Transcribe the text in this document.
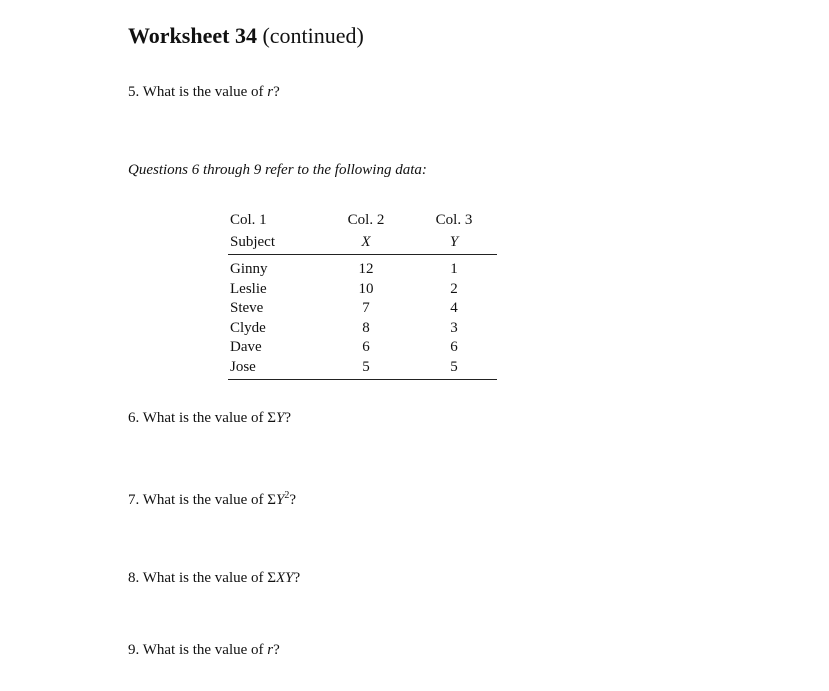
Worksheet 34 (continued)
5. What is the value of r?
Questions 6 through 9 refer to the following data:
Col. 1	Col. 2	Col. 3
Subject	X	Y
Ginny	12	1
Leslie	10	2
Steve	7	4
Clyde	8	3
Dave	6	6
Jose	5	5
6. What is the value of ΣY?
7. What is the value of $\Sigma Y^2$?
8. What is the value of ΣXY?
9. What is the value of r?
